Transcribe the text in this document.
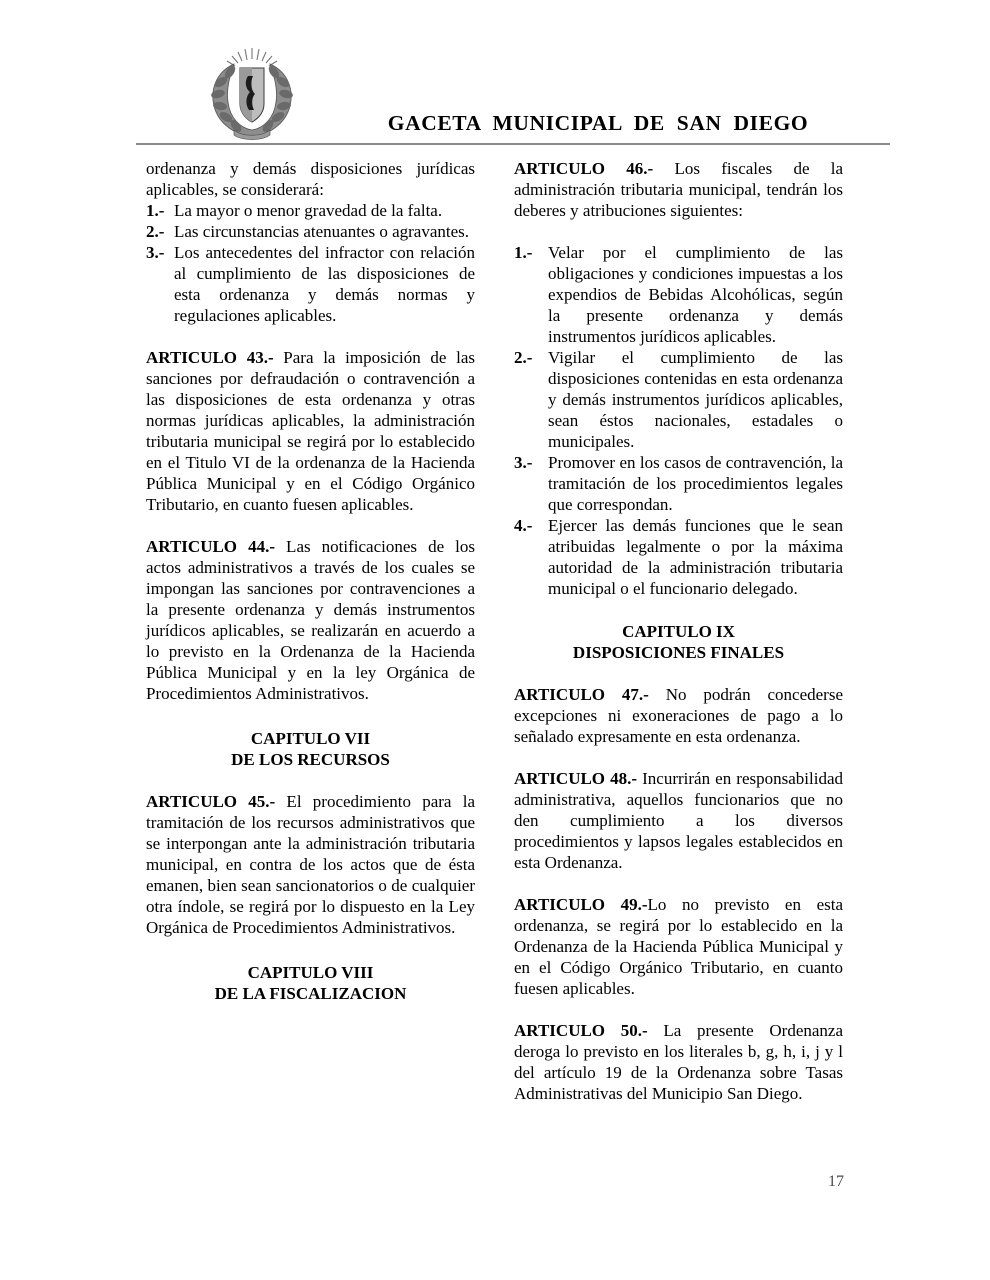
GACETA MUNICIPAL DE SAN DIEGO

ordenanza y demás disposiciones jurídicas aplicables, se considerará:

1.- La mayor o menor gravedad de la falta.
2.- Las circunstancias atenuantes o agravantes.
3.- Los antecedentes del infractor con relación al cumplimiento de las disposiciones de esta ordenanza y demás normas y regulaciones aplicables.

ARTICULO 43.- Para la imposición de las sanciones por defraudación o contravención a las disposiciones de esta ordenanza y otras normas jurídicas aplicables, la administración tributaria municipal se regirá por lo establecido en el Titulo VI de la ordenanza de la Hacienda Pública Municipal y en el Código Orgánico Tributario, en cuanto fuesen aplicables.

ARTICULO 44.- Las notificaciones de los actos administrativos a través de los cuales se impongan las sanciones por contravenciones a la presente ordenanza y demás instrumentos jurídicos aplicables, se realizarán en acuerdo a lo previsto en la Ordenanza de la Hacienda Pública Municipal y en la ley Orgánica de Procedimientos Administrativos.

CAPITULO VII

DE LOS RECURSOS

ARTICULO 45.- El procedimiento para la tramitación de los recursos administrativos que se interpongan ante la administración tributaria municipal, en contra de los actos que de ésta emanen, bien sean sancionatorios o de cualquier otra índole, se regirá por lo dispuesto en la Ley Orgánica de Procedimientos Administrativos.

CAPITULO VIII

DE LA FISCALIZACION

ARTICULO 46.- Los fiscales de la administración tributaria municipal, tendrán los deberes y atribuciones siguientes:

1.- Velar por el cumplimiento de las obligaciones y condiciones impuestas a los expendios de Bebidas Alcohólicas, según la presente ordenanza y demás instrumentos jurídicos aplicables.
2.- Vigilar el cumplimiento de las disposiciones contenidas en esta ordenanza y demás instrumentos jurídicos aplicables, sean éstos nacionales, estadales o municipales.
3.- Promover en los casos de contravención, la tramitación de los procedimientos legales que correspondan.
4.- Ejercer las demás funciones que le sean atribuidas legalmente o por la máxima autoridad de la administración tributaria municipal o el funcionario delegado.

CAPITULO IX

DISPOSICIONES FINALES

ARTICULO 47.- No podrán concederse excepciones ni exoneraciones de pago a lo señalado expresamente en esta ordenanza.

ARTICULO 48.- Incurrirán en responsabilidad administrativa, aquellos funcionarios que no den cumplimiento a los diversos procedimientos y lapsos legales establecidos en esta Ordenanza.

ARTICULO 49.-Lo no previsto en esta ordenanza, se regirá por lo establecido en la Ordenanza de la Hacienda Pública Municipal y en el Código Orgánico Tributario, en cuanto fuesen aplicables.

ARTICULO 50.- La presente Ordenanza deroga lo previsto en los literales b, g, h, i, j y l del artículo 19 de la Ordenanza sobre Tasas Administrativas del Municipio San Diego.

17
